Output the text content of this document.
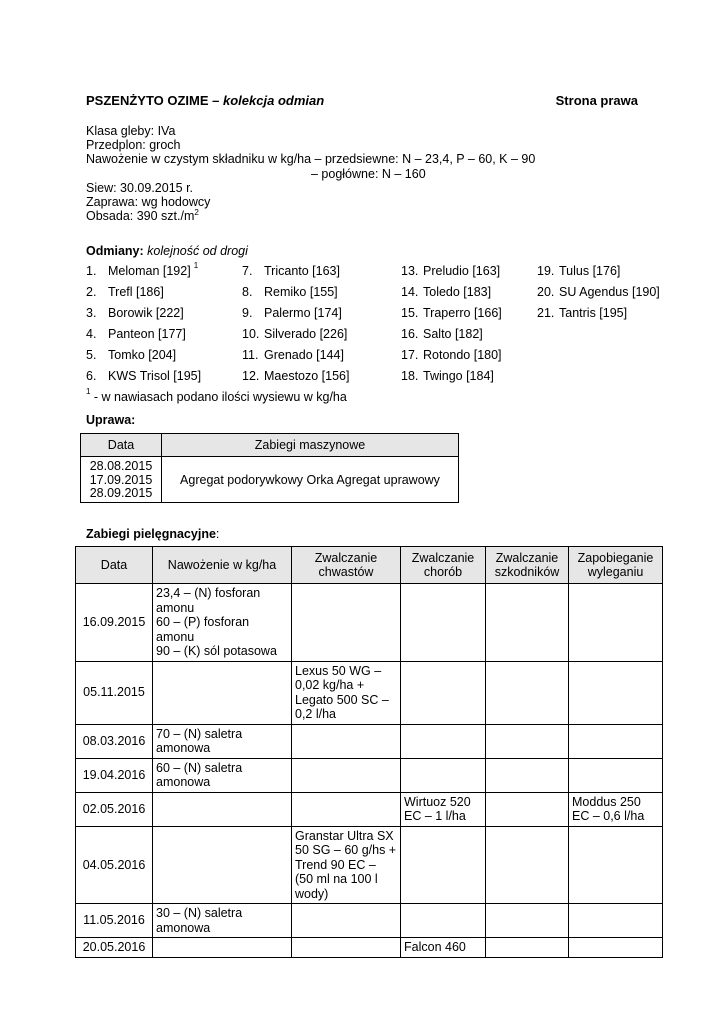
PSZENŻYTO OZIME – kolekcja odmian	Strona prawa
Klasa gleby: IVa
Przedplon: groch
Nawożenie w czystym składniku w kg/ha – przedsiewne: N – 23,4, P – 60, K – 90
– pogłówne: N – 160
Siew: 30.09.2015 r.
Zaprawa: wg hodowcy
Obsada: 390 $szt./m^2$
Odmiany: kolejność od drogi
1. Meloman [192] $^1$
2. Trefl [186]
3. Borowik [222]
4. Panteon [177]
5. Tomko [204]
6. KWS Trisol [195]
7. Tricanto [163]
8. Remiko [155]
9. Palermo [174]
10. Silverado [226]
11. Grenado [144]
12. Maestozo [156]
13. Preludio [163]
14. Toledo [183]
15. Traperro [166]
16. Salto [182]
17. Rotondo [180]
18. Twingo [184]
19. Tulus [176]
20. SU Agendus [190]
21. Tantris [195]
$^1$ - w nawiasach podano ilości wysiewu w kg/ha
Uprawa:
Data	Zabiegi maszynowe
28.08.2015 17.09.2015 28.09.2015	Agregat podorywkowy Orka Agregat uprawowy
Zabiegi pielęgnacyjne:
Data	Nawożenie w kg/ha	Zwalczanie chwastów	Zwalczanie chorób	Zwalczanie szkodników	Zapobieganie wyleganiu
16.09.2015	23,4 – (N) fosforan amonu
60 – (P) fosforan amonu
90 – (K) sól potasowa				

05.11.2015		Lexus 50 WG – 0,02 kg/ha + Legato 500 SC – 0,2 l/ha			
08.03.2016	70 – (N) saletra amonowa				

19.04.2016	60 – (N) saletra amonowa				

02.05.2016			Wirtuoz 520 EC – 1 l/ha		Moddus 250 EC – 0,6 l/ha
04.05.2016		Granstar Ultra SX 50 SG – 60 g/hs + Trend 90 EC – (50 ml na 100 l wody)			
11.05.2016	30 – (N) saletra amonowa				

20.05.2016			Falcon 460		
